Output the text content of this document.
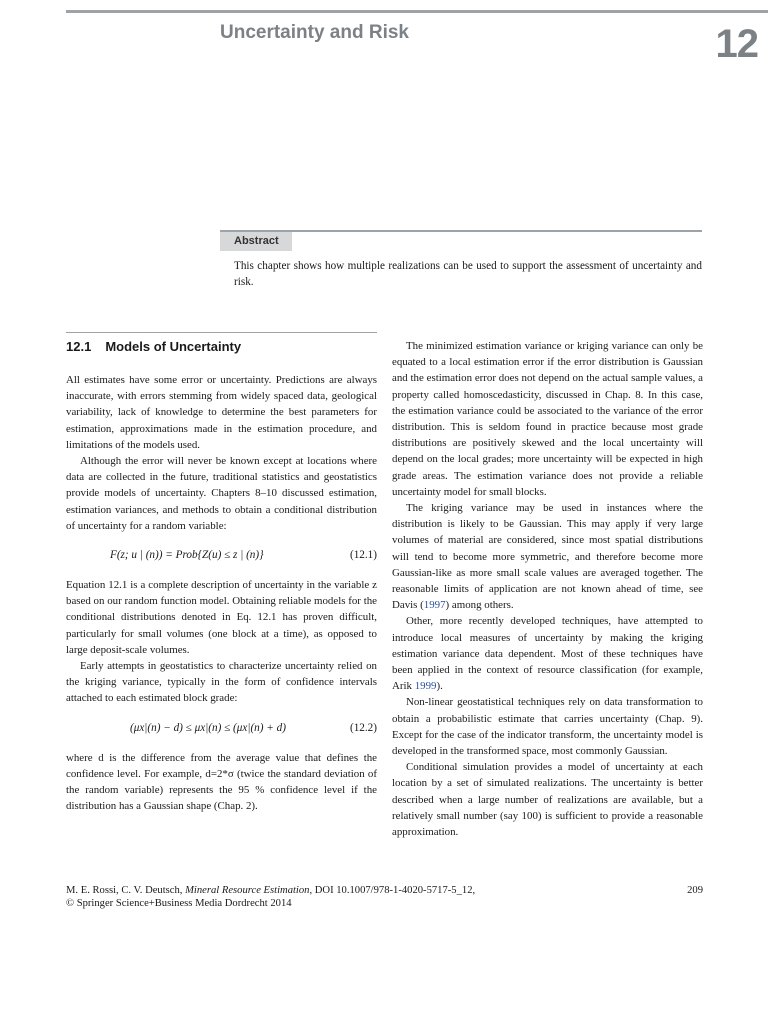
Uncertainty and Risk	12
Abstract
This chapter shows how multiple realizations can be used to support the assessment of uncertainty and risk.
12.1 Models of Uncertainty

All estimates have some error or uncertainty. Predictions are always inaccurate, with errors stemming from widely spaced data, geological variability, lack of knowledge to determine the best parameters for estimation, approximations made in the estimation procedure, and limitations of the models used.

Although the error will never be known except at locations where data are collected in the future, traditional statistics and geostatistics provide models of uncertainty. Chapters 8–10 discussed estimation, estimation variances, and methods to obtain a conditional distribution of uncertainty for a random variable:

F(z; u | (n)) = Prob{Z(u) ≤ z | (n)}	(12.1)

Equation 12.1 is a complete description of uncertainty in the variable z based on our random function model. Obtaining reliable models for the conditional distributions denoted in Eq. 12.1 has proven difficult, particularly for small volumes (one block at a time), as opposed to large deposit-scale volumes.

Early attempts in geostatistics to characterize uncertainty relied on the kriging variance, typically in the form of confidence intervals attached to each estimated block grade:

(μx|(n) − d) ≤ μx|(n) ≤ (μx|(n) + d)	(12.2)

where d is the difference from the average value that defines the confidence level. For example, d=2*σ (twice the standard deviation of the random variable) represents the 95 % confidence level if the distribution has a Gaussian shape (Chap. 2).

The minimized estimation variance or kriging variance can only be equated to a local estimation error if the error distribution is Gaussian and the estimation error does not depend on the actual sample values, a property called homoscedasticity, discussed in Chap. 8. In this case, the estimation variance could be associated to the variance of the error distribution. This is seldom found in practice because most grade distributions are positively skewed and the local uncertainty will depend on the local grades; more uncertainty will be expected in high grade areas. The estimation variance does not provide a reliable uncertainty model for small blocks.

The kriging variance may be used in instances where the distribution is likely to be Gaussian. This may apply if very large volumes of material are considered, since most spatial distributions will tend to become more symmetric, and therefore become more Gaussian-like as more small scale values are averaged together. The reasonable limits of application are not known ahead of time, see Davis (1997) among others.

Other, more recently developed techniques, have attempted to introduce local measures of uncertainty by making the kriging estimation variance data dependent. Most of these techniques have been applied in the context of resource classification (for example, Arik 1999).

Non-linear geostatistical techniques rely on data transformation to obtain a probabilistic estimate that carries uncertainty (Chap. 9). Except for the case of the indicator transform, the uncertainty model is developed in the transformed space, most commonly Gaussian.

Conditional simulation provides a model of uncertainty at each location by a set of simulated realizations. The uncertainty is better described when a large number of realizations are available, but a relatively small number (say 100) is sufficient to provide a reasonable approximation.

M. E. Rossi, C. V. Deutsch, Mineral Resource Estimation, DOI 10.1007/978-1-4020-5717-5_12,
© Springer Science+Business Media Dordrecht 2014
209
